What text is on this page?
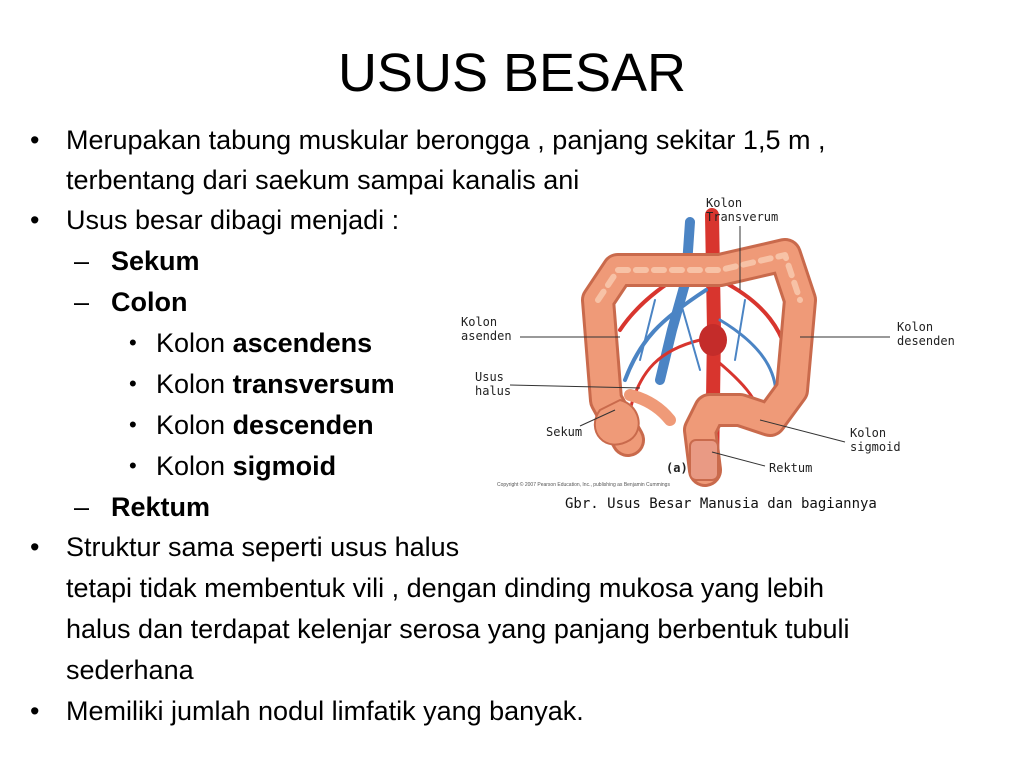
USUS BESAR
• Merupakan tabung muskular berongga , panjang sekitar 1,5 m ,
terbentang dari saekum sampai kanalis ani
• Usus besar dibagi menjadi :
– Sekum
– Colon
• Kolon ascendens
• Kolon transversum
• Kolon descenden
• Kolon sigmoid
– Rektum
• Struktur sama seperti usus halus
tetapi tidak membentuk vili , dengan dinding mukosa yang lebih
halus dan terdapat kelenjar serosa yang panjang berbentuk tubuli
sederhana
• Memiliki jumlah nodul limfatik yang banyak.
Kolon
Transverum
Kolon
asenden
Kolon
desenden
Usus
halus
Sekum	Kolon
sigmoid
Rektum
(a)
Copyright © 2007 Pearson Education, Inc., publishing as Benjamin Cummings
Gbr. Usus Besar Manusia dan bagiannya
